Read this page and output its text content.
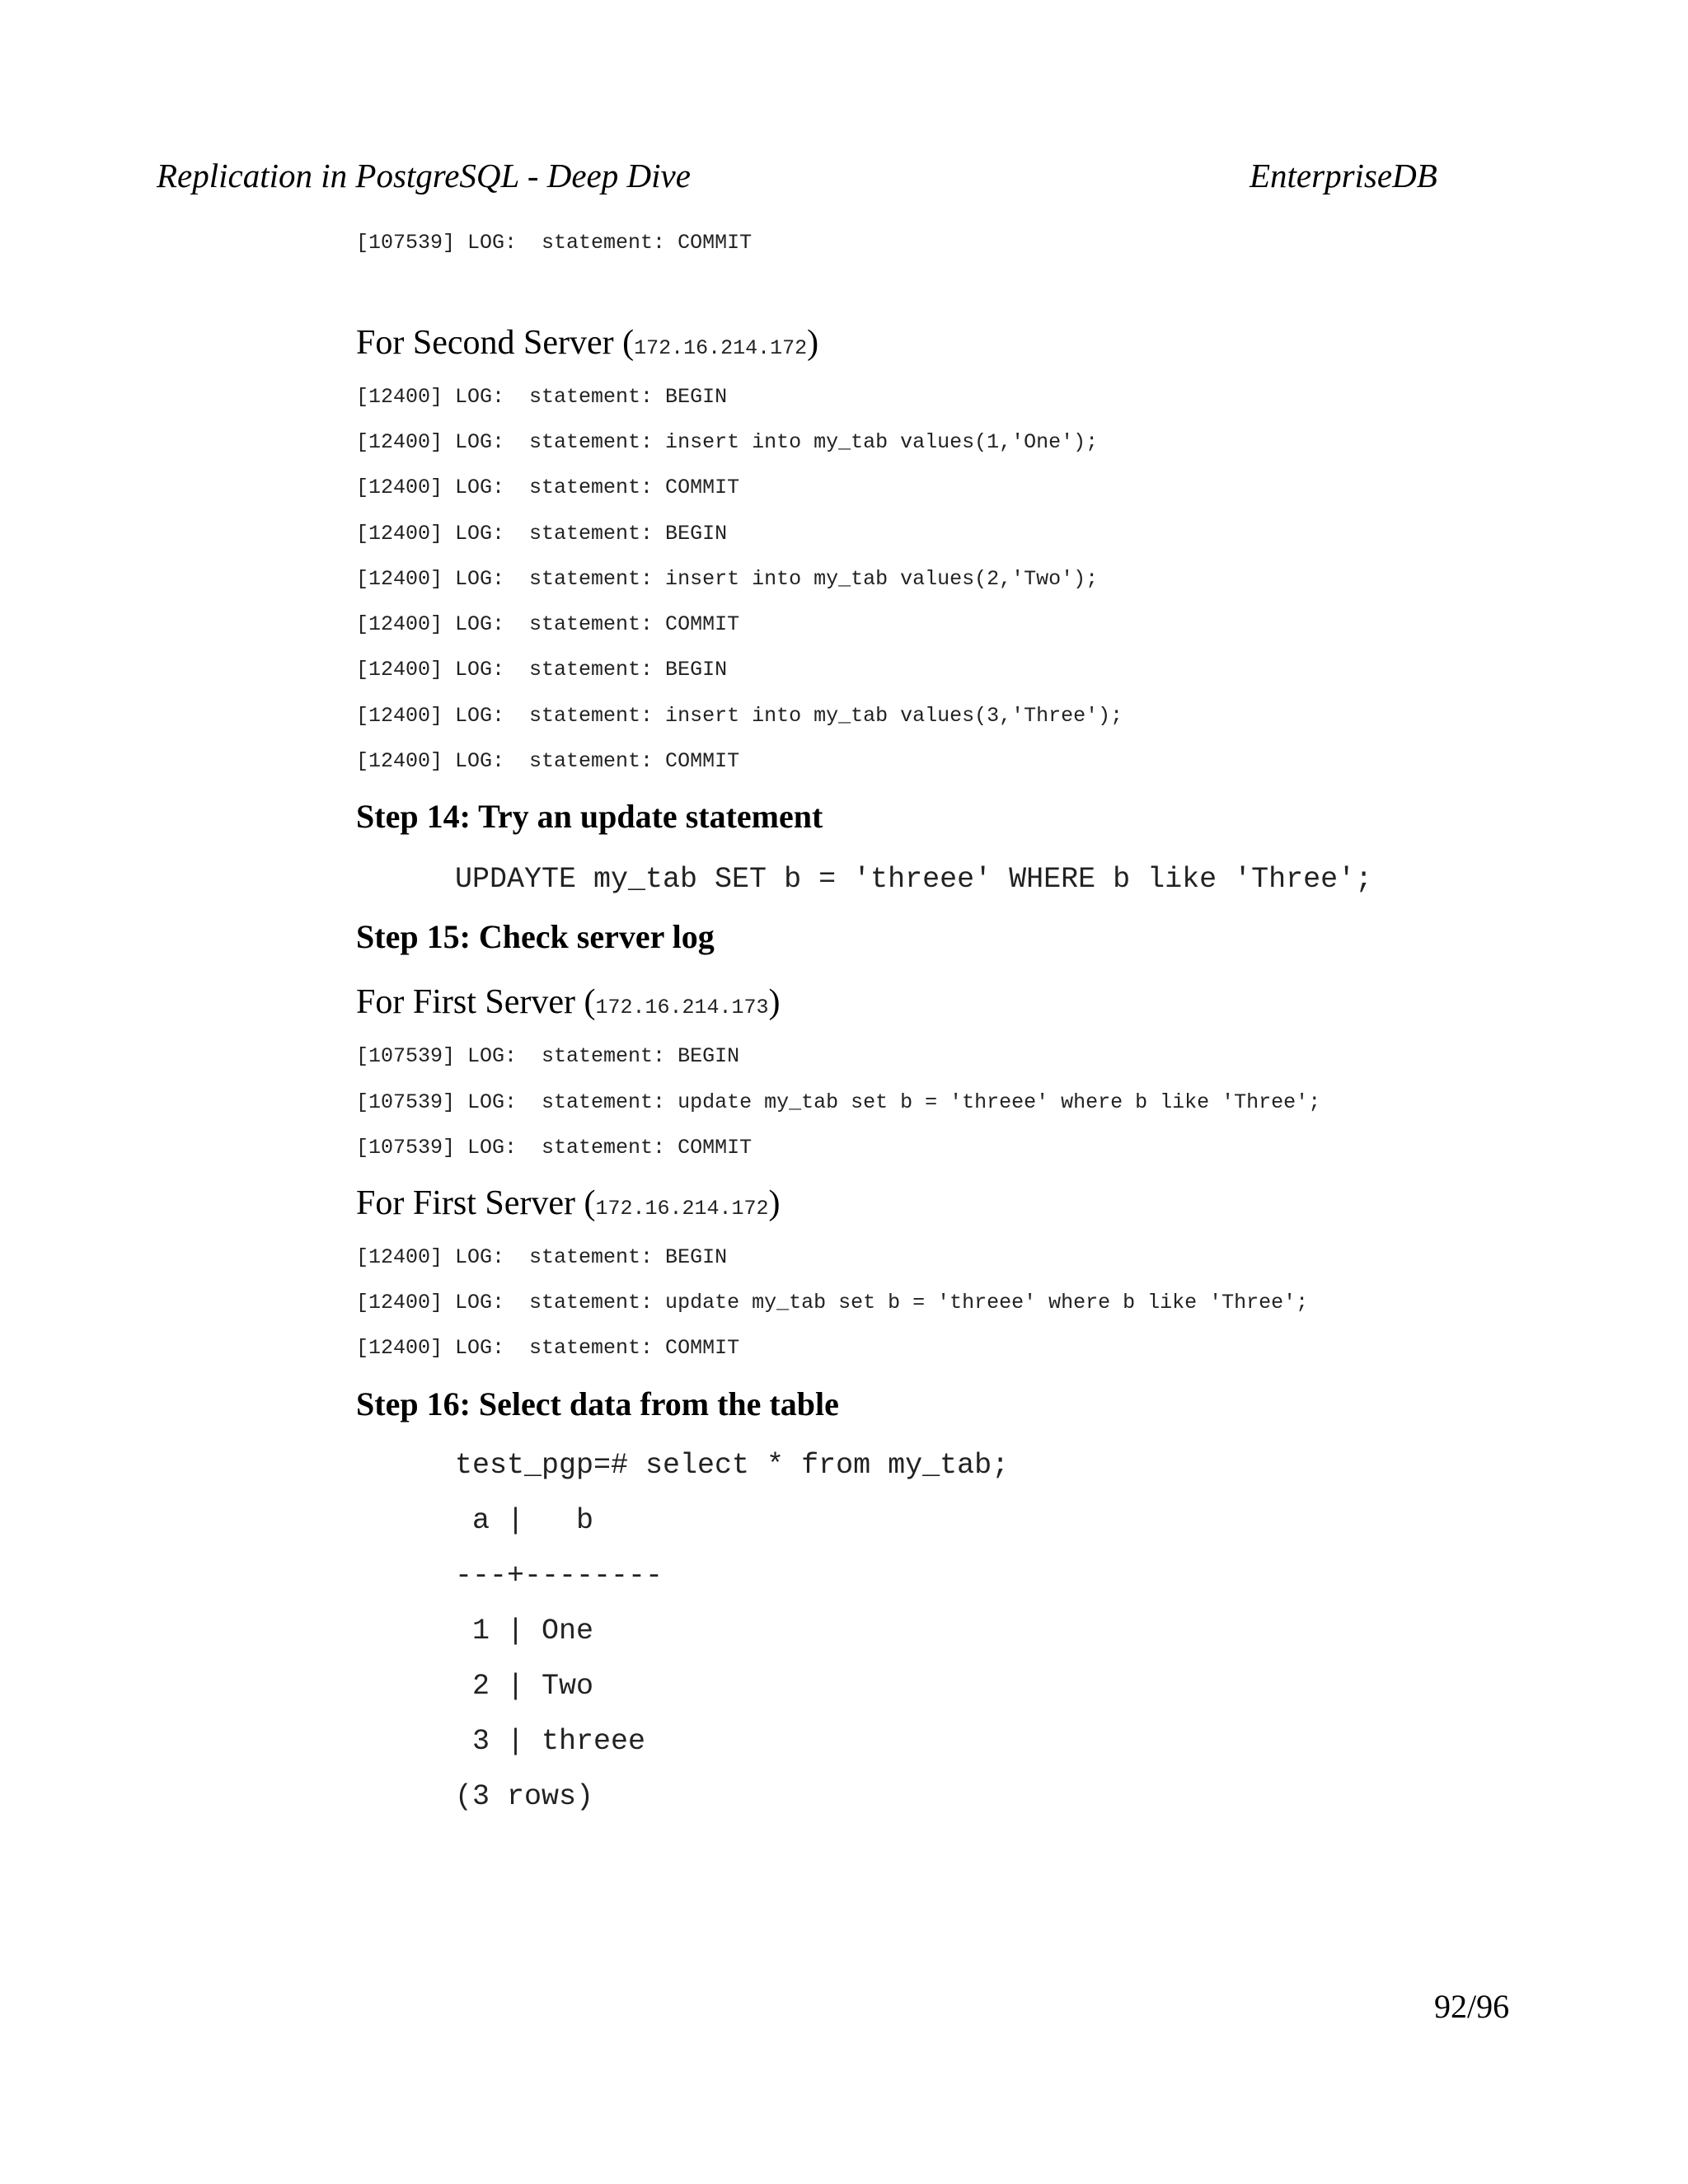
Replication in PostgreSQL - Deep Dive	EnterpriseDB
[107539] LOG:  statement: COMMIT
For Second Server (172.16.214.172)
[12400] LOG:  statement: BEGIN
[12400] LOG:  statement: insert into my_tab values(1,'One');
[12400] LOG:  statement: COMMIT
[12400] LOG:  statement: BEGIN
[12400] LOG:  statement: insert into my_tab values(2,'Two');
[12400] LOG:  statement: COMMIT
[12400] LOG:  statement: BEGIN
[12400] LOG:  statement: insert into my_tab values(3,'Three');
[12400] LOG:  statement: COMMIT
Step 14: Try an update statement
UPDAYTE my_tab SET b = 'threee' WHERE b like 'Three';
Step 15: Check server log
For First Server (172.16.214.173)
[107539] LOG:  statement: BEGIN
[107539] LOG:  statement: update my_tab set b = 'threee' where b like 'Three';
[107539] LOG:  statement: COMMIT
For First Server (172.16.214.172)
[12400] LOG:  statement: BEGIN
[12400] LOG:  statement: update my_tab set b = 'threee' where b like 'Three';
[12400] LOG:  statement: COMMIT
Step 16: Select data from the table
test_pgp=# select * from my_tab;
a |   b
---+--------
1 | One
2 | Two
3 | threee
(3 rows)
92/96
